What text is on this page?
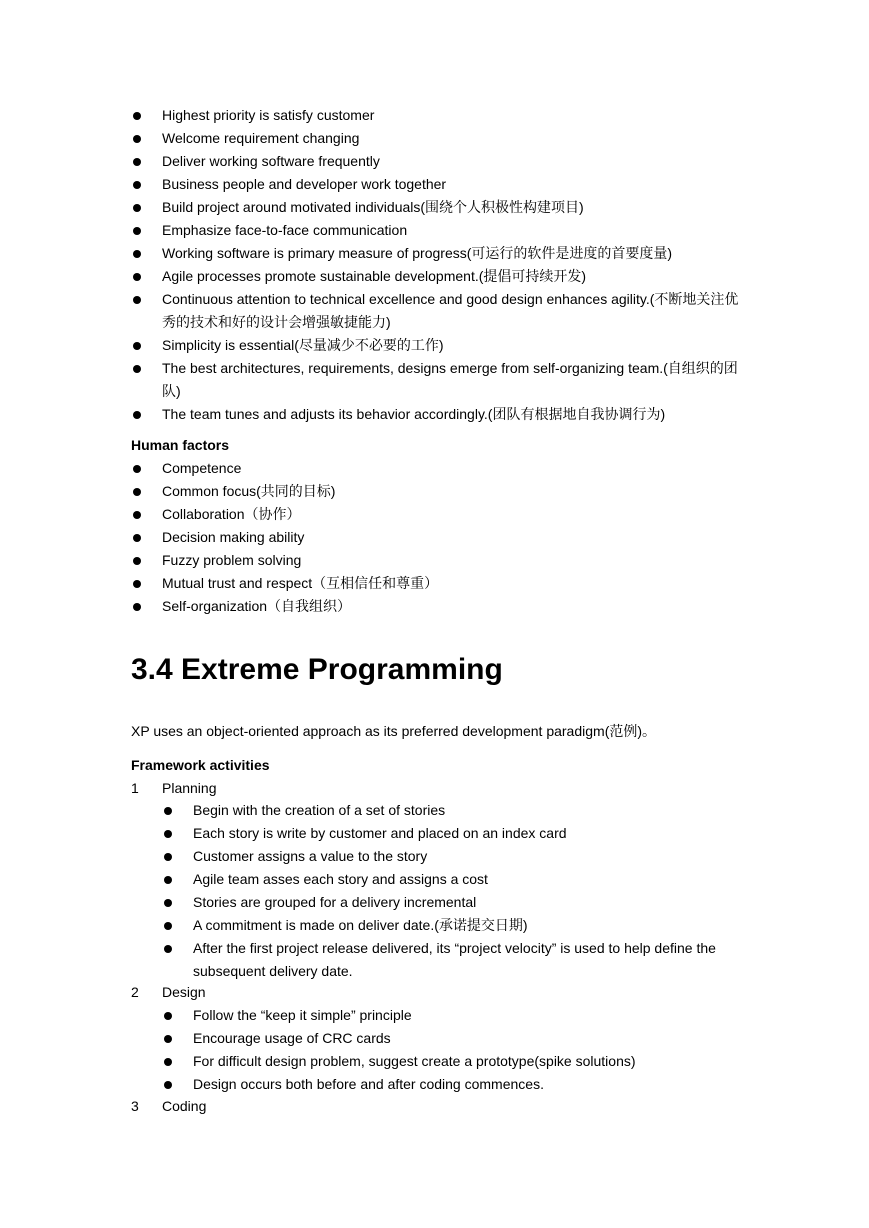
Highest priority is satisfy customer
Welcome requirement changing
Deliver working software frequently
Business people and developer work together
Build project around motivated individuals(围绕个人积极性构建项目)
Emphasize face-to-face communication
Working software is primary measure of progress(可运行的软件是进度的首要度量)
Agile processes promote sustainable development.(提倡可持续开发)
Continuous attention to technical excellence and good design enhances agility.(不断地关注优秀的技术和好的设计会增强敏捷能力)
Simplicity is essential(尽量减少不必要的工作)
The best architectures, requirements, designs emerge from self-organizing team.(自组织的团队)
The team tunes and adjusts its behavior accordingly.(团队有根据地自我协调行为)
Human factors
Competence
Common focus(共同的目标)
Collaboration（协作）
Decision making ability
Fuzzy problem solving
Mutual trust and respect（互相信任和尊重）
Self-organization（自我组织）
3.4 Extreme Programming
XP uses an object-oriented approach as its preferred development paradigm(范例)。
Framework activities
1 Planning
Begin with the creation of a set of stories
Each story is write by customer and placed on an index card
Customer assigns a value to the story
Agile team asses each story and assigns a cost
Stories are grouped for a delivery incremental
A commitment is made on deliver date.(承诺提交日期)
After the first project release delivered, its “project velocity” is used to help define the subsequent delivery date.
2 Design
Follow the “keep it simple” principle
Encourage usage of CRC cards
For difficult design problem, suggest create a prototype(spike solutions)
Design occurs both before and after coding commences.
3 Coding
